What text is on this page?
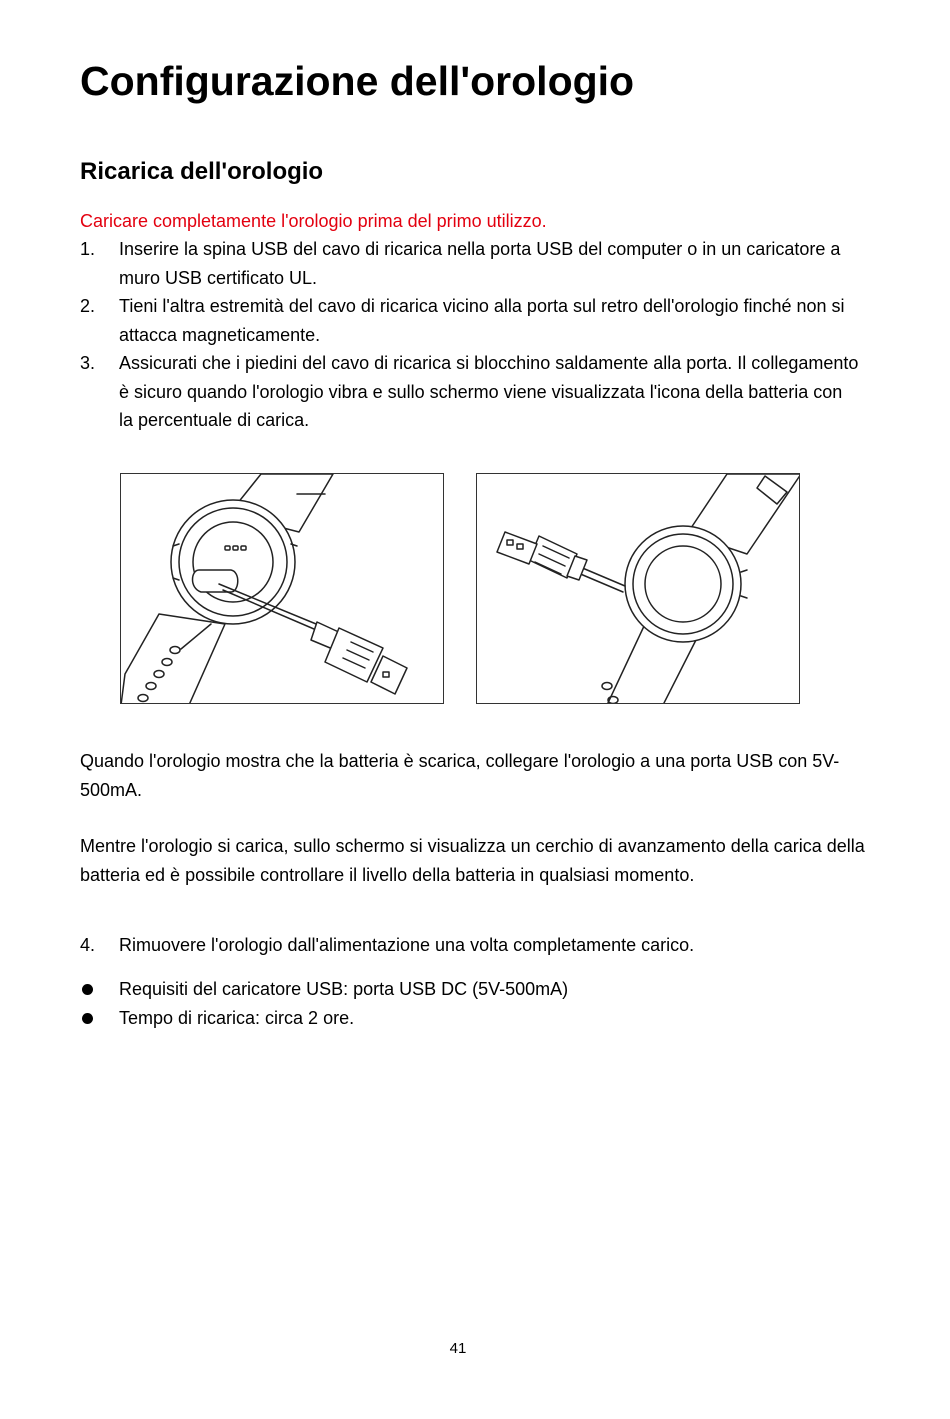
Configurazione dell'orologio
Ricarica dell'orologio
Caricare completamente l'orologio prima del primo utilizzo.
1. Inserire la spina USB del cavo di ricarica nella porta USB del computer o in un caricatore a muro USB certificato UL.
2. Tieni l'altra estremità del cavo di ricarica vicino alla porta sul retro dell'orologio finché non si attacca magneticamente.
3. Assicurati che i piedini del cavo di ricarica si blocchino saldamente alla porta. Il collegamento è sicuro quando l'orologio vibra e sullo schermo viene visualizzata l'icona della batteria con la percentuale di carica.

Quando l'orologio mostra che la batteria è scarica, collegare l'orologio a una porta USB con 5V-500mA.

Mentre l'orologio si carica, sullo schermo si visualizza un cerchio di avanzamento della carica della batteria ed è possibile controllare il livello della batteria in qualsiasi momento.

4. Rimuovere l'orologio dall'alimentazione una volta completamente carico.
Requisiti del caricatore USB: porta USB DC (5V-500mA)
Tempo di ricarica: circa 2 ore.
41
